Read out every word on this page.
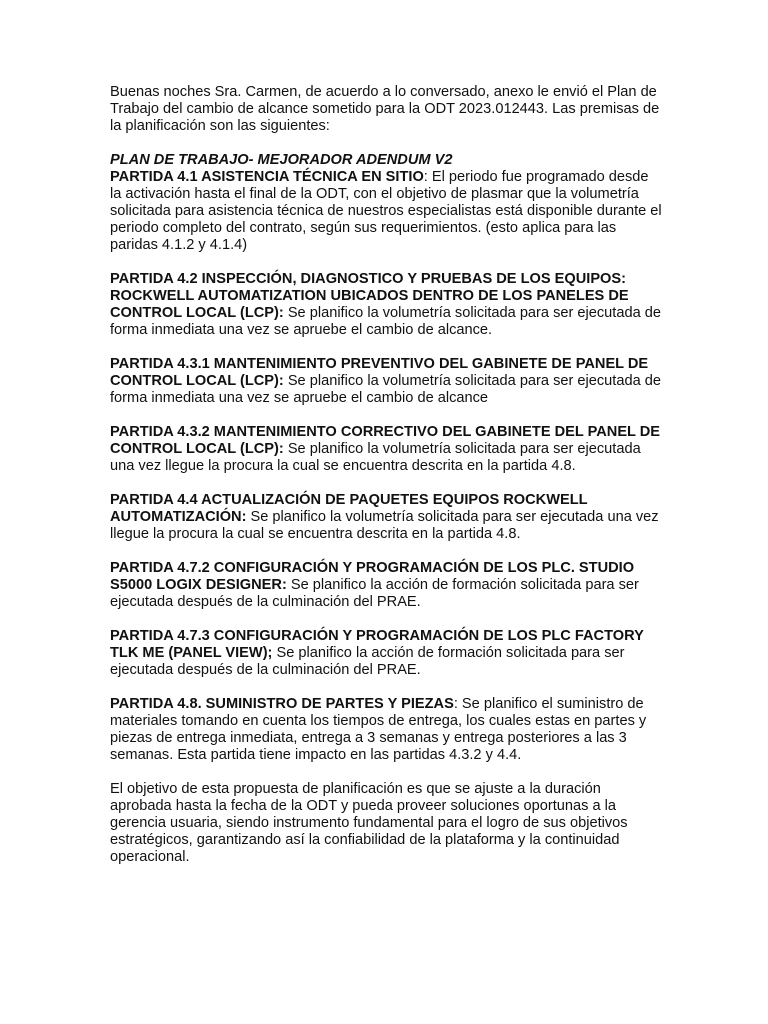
Buenas noches Sra. Carmen, de acuerdo a lo conversado, anexo le envió el Plan de Trabajo del cambio de alcance sometido para la ODT 2023.012443. Las premisas de la planificación son las siguientes:

PLAN DE TRABAJO- MEJORADOR ADENDUM V2
PARTIDA 4.1 ASISTENCIA TÉCNICA EN SITIO: El periodo fue programado desde la activación hasta el final de la ODT, con el objetivo de plasmar que la volumetría solicitada para asistencia técnica de nuestros especialistas está disponible durante el periodo completo del contrato, según sus requerimientos. (esto aplica para las paridas 4.1.2 y 4.1.4)

PARTIDA 4.2 INSPECCIÓN, DIAGNOSTICO Y PRUEBAS DE LOS EQUIPOS: ROCKWELL AUTOMATIZATION UBICADOS DENTRO DE LOS PANELES DE CONTROL LOCAL (LCP): Se planifico la volumetría solicitada para ser ejecutada de forma inmediata una vez se apruebe el cambio de alcance.

PARTIDA 4.3.1 MANTENIMIENTO PREVENTIVO DEL GABINETE DE PANEL DE CONTROL LOCAL (LCP): Se planifico la volumetría solicitada para ser ejecutada de forma inmediata una vez se apruebe el cambio de alcance

PARTIDA 4.3.2 MANTENIMIENTO CORRECTIVO DEL GABINETE DEL PANEL DE CONTROL LOCAL (LCP): Se planifico la volumetría solicitada para ser ejecutada una vez llegue la procura la cual se encuentra descrita en la partida 4.8.

PARTIDA 4.4 ACTUALIZACIÓN DE PAQUETES EQUIPOS ROCKWELL AUTOMATIZACIÓN: Se planifico la volumetría solicitada para ser ejecutada una vez llegue la procura la cual se encuentra descrita en la partida 4.8.

PARTIDA 4.7.2 CONFIGURACIÓN Y PROGRAMACIÓN DE LOS PLC. STUDIO S5000 LOGIX DESIGNER: Se planifico la acción de formación solicitada para ser ejecutada después de la culminación del PRAE.

PARTIDA 4.7.3 CONFIGURACIÓN Y PROGRAMACIÓN DE LOS PLC FACTORY TLK ME (PANEL VIEW); Se planifico la acción de formación solicitada para ser ejecutada después de la culminación del PRAE.

PARTIDA 4.8. SUMINISTRO DE PARTES Y PIEZAS: Se planifico el suministro de materiales tomando en cuenta los tiempos de entrega, los cuales estas en partes y piezas de entrega inmediata, entrega a 3 semanas y entrega posteriores a las 3 semanas. Esta partida tiene impacto en las partidas 4.3.2 y 4.4.

El objetivo de esta propuesta de planificación es que se ajuste a la duración aprobada hasta la fecha de la ODT y pueda proveer soluciones oportunas a la gerencia usuaria, siendo instrumento fundamental para el logro de sus objetivos estratégicos, garantizando así la confiabilidad de la plataforma y la continuidad operacional.
